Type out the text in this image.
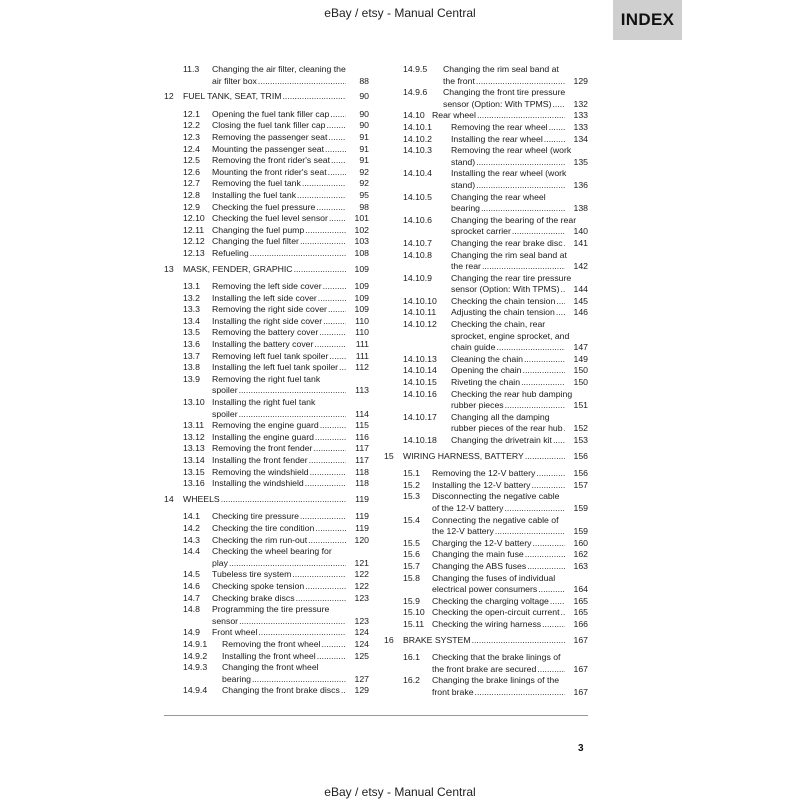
eBay / etsy - Manual Central	INDEX
11.3	Changing the air filter, cleaning the
air filter box .....	88
12	FUEL TANK, SEAT, TRIM .....	90
12.1	Opening the fuel tank filler cap .....	90
12.2	Closing the fuel tank filler cap .....	90
12.3	Removing the passenger seat .....	91
12.4	Mounting the passenger seat .....	91
12.5	Removing the front rider's seat .....	91
12.6	Mounting the front rider's seat .....	92
12.7	Removing the fuel tank .....	92
12.8	Installing the fuel tank .....	95
12.9	Checking the fuel pressure .....	98
12.10 Checking the fuel level sensor .....	101
12.11 Changing the fuel pump .....	102
12.12 Changing the fuel filter .....	103
12.13 Refueling .....	108
13	MASK, FENDER, GRAPHIC .....	109
13.1	Removing the left side cover .....	109
13.2	Installing the left side cover .....	109
13.3	Removing the right side cover .....	109
13.4	Installing the right side cover .....	110
13.5	Removing the battery cover .....	110
13.6	Installing the battery cover .....	111
13.7	Removing left fuel tank spoiler .....	111
13.8	Installing the left fuel tank spoiler .....	112
13.9	Removing the right fuel tank
spoiler .....	113
13.10 Installing the right fuel tank
spoiler .....	114
13.11 Removing the engine guard .....	115
13.12 Installing the engine guard .....	116
13.13 Removing the front fender .....	117
13.14 Installing the front fender .....	117
13.15 Removing the windshield .....	118
13.16 Installing the windshield .....	118
14	WHEELS .....	119
14.1	Checking tire pressure .....	119
14.2	Checking the tire condition .....	119
14.3	Checking the rim run-out .....	120
14.4	Checking the wheel bearing for
play .....	121
14.5	Tubeless tire system .....	122
14.6	Checking spoke tension .....	122
14.7	Checking brake discs .....	123
14.8	Programming the tire pressure
sensor .....	123
14.9	Front wheel .....	124
14.9.1	Removing the front wheel .....	124
14.9.2	Installing the front wheel .....	125
14.9.3	Changing the front wheel
bearing .....	127
14.9.4	Changing the front brake discs .....	129
14.9.5	Changing the rim seal band at
the front .....	129
14.9.6	Changing the front tire pressure
sensor (Option: With TPMS) .....	132
14.10 Rear wheel .....	133
14.10.1	Removing the rear wheel .....	133
14.10.2	Installing the rear wheel .....	134
14.10.3	Removing the rear wheel (work
stand) .....	135
14.10.4	Installing the rear wheel (work
stand) .....	136
14.10.5	Changing the rear wheel
bearing .....	138
14.10.6	Changing the bearing of the rear
sprocket carrier .....	140
14.10.7	Changing the rear brake disc .....	141
14.10.8	Changing the rim seal band at
the rear .....	142
14.10.9	Changing the rear tire pressure
sensor (Option: With TPMS) .....	144
14.10.10	Checking the chain tension .....	145
14.10.11	Adjusting the chain tension .....	146
14.10.12	Checking the chain, rear
sprocket, engine sprocket, and
chain guide .....	147
14.10.13	Cleaning the chain .....	149
14.10.14	Opening the chain .....	150
14.10.15	Riveting the chain .....	150
14.10.16	Checking the rear hub damping
rubber pieces .....	151
14.10.17	Changing all the damping
rubber pieces of the rear hub .....	152
14.10.18	Changing the drivetrain kit .....	153
15	WIRING HARNESS, BATTERY .....	156
15.1	Removing the 12-V battery .....	156
15.2	Installing the 12-V battery .....	157
15.3	Disconnecting the negative cable
of the 12-V battery .....	159
15.4	Connecting the negative cable of
the 12-V battery .....	159
15.5	Charging the 12-V battery .....	160
15.6	Changing the main fuse .....	162
15.7	Changing the ABS fuses .....	163
15.8	Changing the fuses of individual
electrical power consumers .....	164
15.9	Checking the charging voltage .....	165
15.10 Checking the open-circuit current .....	165
15.11 Checking the wiring harness .....	166
16	BRAKE SYSTEM .....	167
16.1	Checking that the brake linings of
the front brake are secured .....	167
16.2	Changing the brake linings of the
front brake .....	167
3
eBay / etsy - Manual Central
